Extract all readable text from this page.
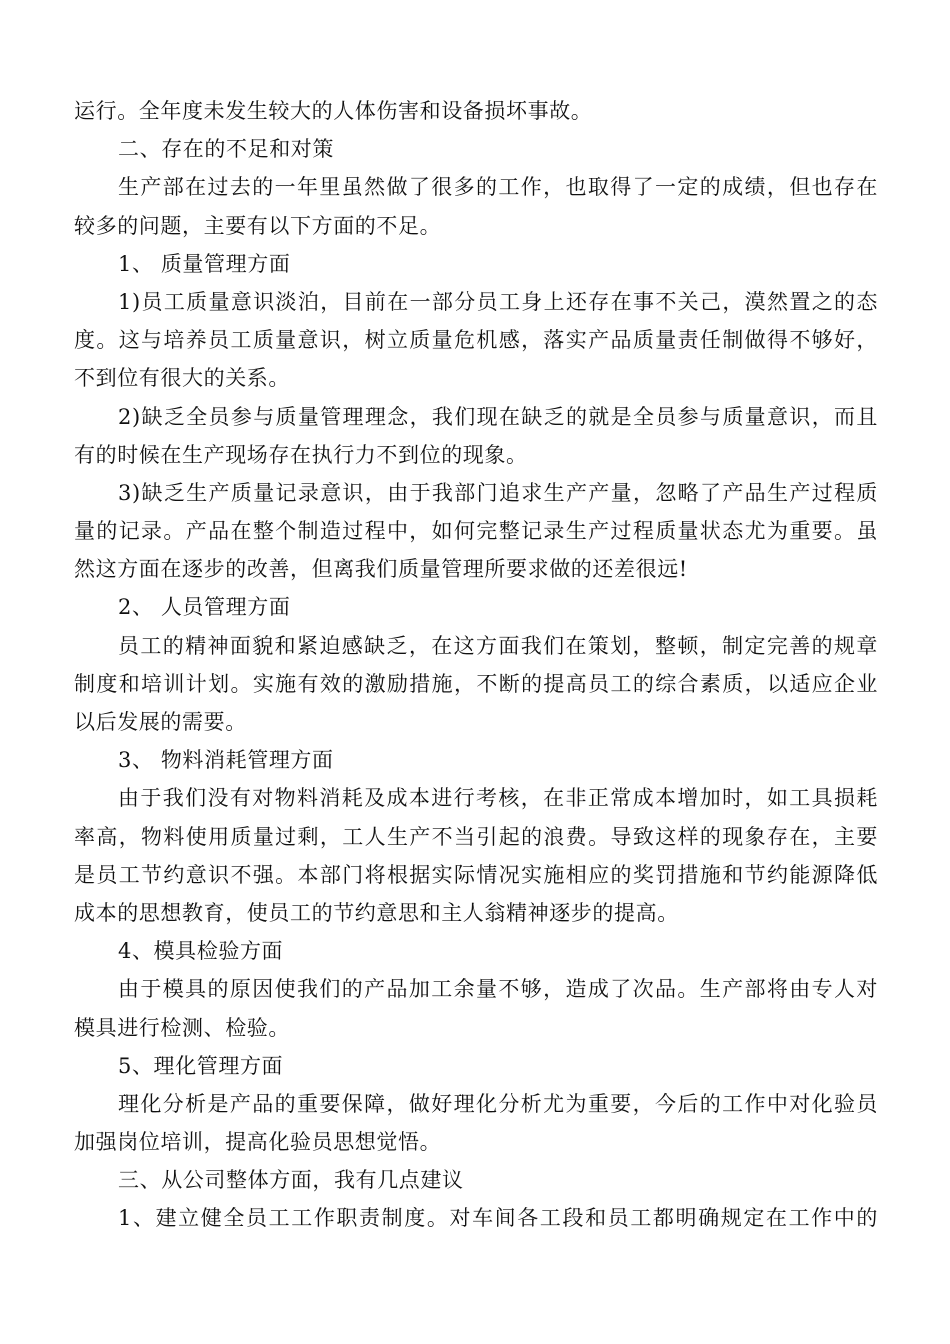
运行。全年度未发生较大的人体伤害和设备损坏事故。
二、存在的不足和对策
生产部在过去的一年里虽然做了很多的工作，也取得了一定的成绩，但也存在
较多的问题，主要有以下方面的不足。
1、 质量管理方面
1)员工质量意识淡泊，目前在一部分员工身上还存在事不关己，漠然置之的态
度。这与培养员工质量意识，树立质量危机感，落实产品质量责任制做得不够好，
不到位有很大的关系。
2)缺乏全员参与质量管理理念，我们现在缺乏的就是全员参与质量意识，而且
有的时候在生产现场存在执行力不到位的现象。
3)缺乏生产质量记录意识，由于我部门追求生产产量，忽略了产品生产过程质
量的记录。产品在整个制造过程中，如何完整记录生产过程质量状态尤为重要。虽
然这方面在逐步的改善，但离我们质量管理所要求做的还差很远!
2、 人员管理方面
员工的精神面貌和紧迫感缺乏，在这方面我们在策划，整顿，制定完善的规章
制度和培训计划。实施有效的激励措施，不断的提高员工的综合素质，以适应企业
以后发展的需要。
3、 物料消耗管理方面
由于我们没有对物料消耗及成本进行考核，在非正常成本增加时，如工具损耗
率高，物料使用质量过剩，工人生产不当引起的浪费。导致这样的现象存在，主要
是员工节约意识不强。本部门将根据实际情况实施相应的奖罚措施和节约能源降低
成本的思想教育，使员工的节约意思和主人翁精神逐步的提高。
4、模具检验方面
由于模具的原因使我们的产品加工余量不够，造成了次品。生产部将由专人对
模具进行检测、检验。
5、理化管理方面
理化分析是产品的重要保障，做好理化分析尤为重要，今后的工作中对化验员
加强岗位培训，提高化验员思想觉悟。
三、从公司整体方面，我有几点建议
1、建立健全员工工作职责制度。对车间各工段和员工都明确规定在工作中的
